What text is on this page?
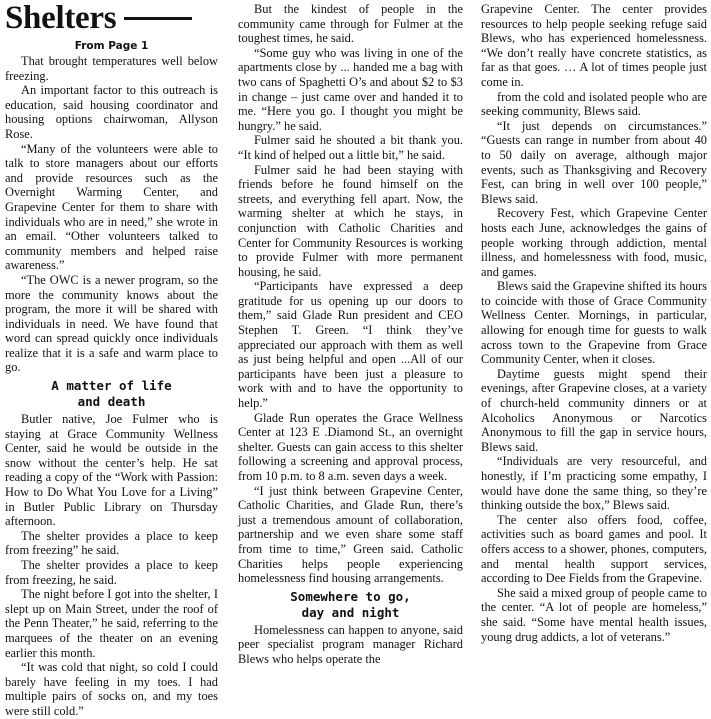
Shelters
From Page 1

That brought temperatures well below freezing.

An important factor to this outreach is education, said housing coordinator and housing options chairwoman, Allyson Rose.

“Many of the volunteers were able to talk to store managers about our efforts and provide resources such as the Overnight Warming Center, and Grapevine Center for them to share with individuals who are in need,” she wrote in an email. “Other volunteers talked to community members and helped raise awareness.”

“The OWC is a newer program, so the more the community knows about the program, the more it will be shared with individuals in need. We have found that word can spread quickly once individuals realize that it is a safe and warm place to go.

A matter of life
and death

Butler native, Joe Fulmer who is staying at Grace Community Wellness Center, said he would be outside in the snow without the center’s help. He sat reading a copy of the “Work with Passion: How to Do What You Love for a Living” in Butler Public Library on Thursday afternoon.

The shelter provides a place to keep from freezing” he said.

The shelter provides a place to keep from freezing, he said.

The night before I got into the shelter, I slept up on Main Street, under the roof of the Penn Theater,” he said, referring to the marquees of the theater on an evening earlier this month.

“It was cold that night, so cold I could barely have feeling in my toes. I had multiple pairs of socks on, and my toes were still cold.”

But the kindest of people in the community came through for Fulmer at the toughest times, he said.

“Some guy who was living in one of the apartments close by ... handed me a bag with two cans of Spaghetti O’s and about $2 to $3 in change – just came over and handed it to me. “Here you go. I thought you might be hungry.” he said.

Fulmer said he shouted a bit thank you. “It kind of helped out a little bit,” he said.

Fulmer said he had been staying with friends before he found himself on the streets, and everything fell apart. Now, the warming shelter at which he stays, in conjunction with Catholic Charities and Center for Community Resources is working to provide Fulmer with more permanent housing, he said.

“Participants have expressed a deep gratitude for us opening up our doors to them,” said Glade Run president and CEO Stephen T. Green. “I think they’ve appreciated our approach with them as well as just being helpful and open ...All of our participants have been just a pleasure to work with and to have the opportunity to help.”

Glade Run operates the Grace Wellness Center at 123 E .Diamond St., an overnight shelter. Guests can gain access to this shelter following a screening and approval process, from 10 p.m. to 8 a.m. seven days a week.

“I just think between Grapevine Center, Catholic Charities, and Glade Run, there’s just a tremendous amount of collaboration, partnership and we even share some staff from time to time,” Green said. Catholic Charities helps people experiencing homelessness find housing arrangements.

Somewhere to go,
day and night

Homelessness can happen to anyone, said peer specialist program manager Richard Blews who helps operate the

Grapevine Center. The center provides resources to help people seeking refuge said Blews, who has experienced homelessness. “We don’t really have concrete statistics, as far as that goes. … A lot of times people just come in.

from the cold and isolated people who are seeking community, Blews said.

“It just depends on circumstances.” “Guests can range in number from about 40 to 50 daily on average, although major events, such as Thanksgiving and Recovery Fest, can bring in well over 100 people,” Blews said.

Recovery Fest, which Grapevine Center hosts each June, acknowledges the gains of people working through addiction, mental illness, and homelessness with food, music, and games.

Blews said the Grapevine shifted its hours to coincide with those of Grace Community Wellness Center. Mornings, in particular, allowing for enough time for guests to walk across town to the Grapevine from Grace Community Center, when it closes.

Daytime guests might spend their evenings, after Grapevine closes, at a variety of church-held community dinners or at Alcoholics Anonymous or Narcotics Anonymous to fill the gap in service hours, Blews said.

“Individuals are very resourceful, and honestly, if I’m practicing some empathy, I would have done the same thing, so they’re thinking outside the box,” Blews said.

The center also offers food, coffee, activities such as board games and pool. It offers access to a shower, phones, computers, and mental health support services, according to Dee Fields from the Grapevine.

She said a mixed group of people came to the center. “A lot of people are homeless,” she said. “Some have mental health issues, young drug addicts, a lot of veterans.”
